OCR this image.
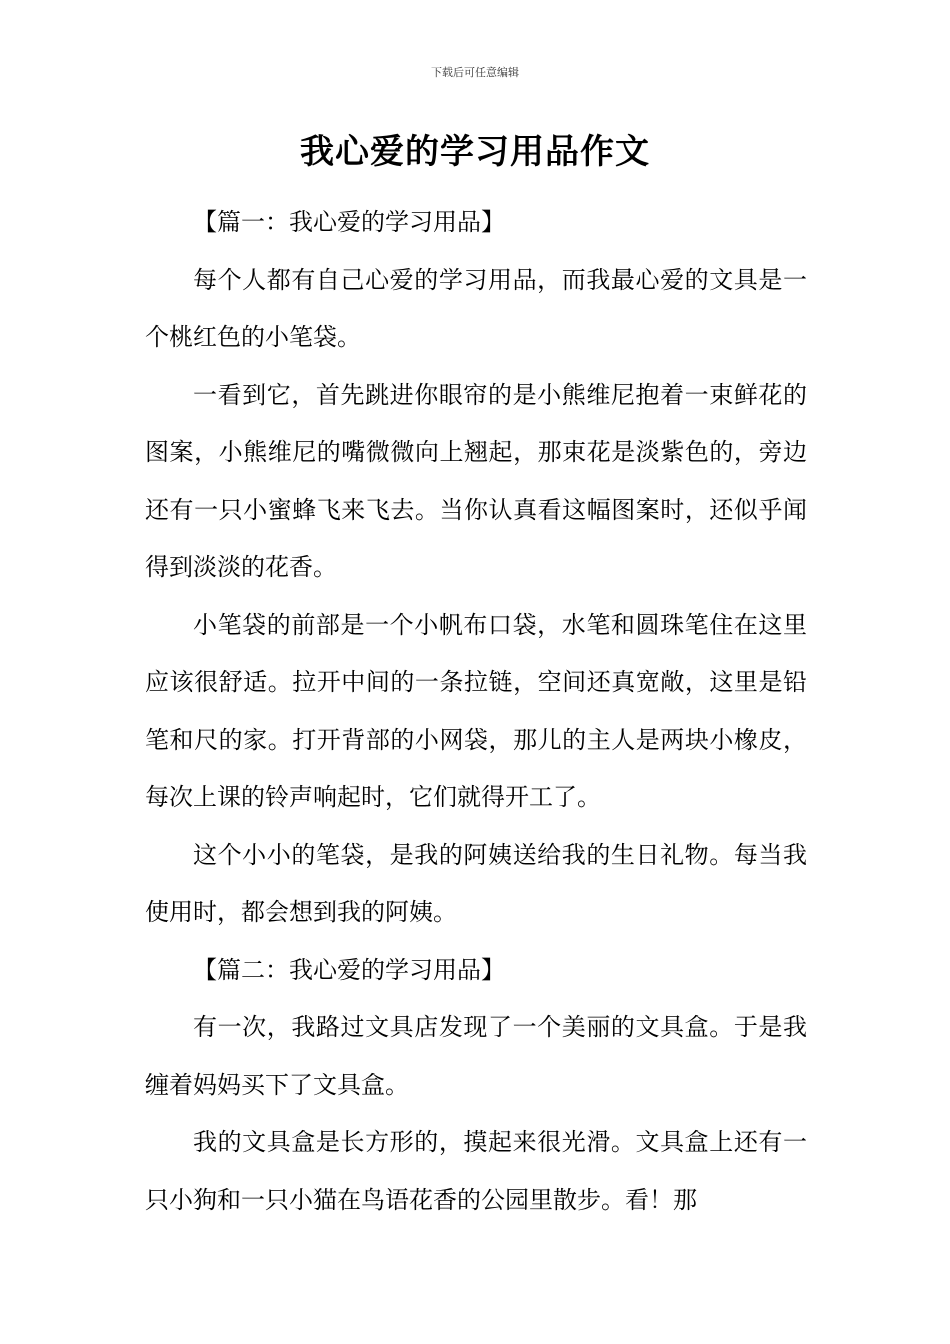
下载后可任意编辑
我心爱的学习用品作文

【篇一：我心爱的学习用品】

每个人都有自己心爱的学习用品，而我最心爱的文具是一个桃红色的小笔袋。

一看到它，首先跳进你眼帘的是小熊维尼抱着一束鲜花的图案，小熊维尼的嘴微微向上翘起，那束花是淡紫色的，旁边还有一只小蜜蜂飞来飞去。当你认真看这幅图案时，还似乎闻得到淡淡的花香。

小笔袋的前部是一个小帆布口袋，水笔和圆珠笔住在这里应该很舒适。拉开中间的一条拉链，空间还真宽敞，这里是铅笔和尺的家。打开背部的小网袋，那儿的主人是两块小橡皮，每次上课的铃声响起时，它们就得开工了。

这个小小的笔袋，是我的阿姨送给我的生日礼物。每当我使用时，都会想到我的阿姨。

【篇二：我心爱的学习用品】

有一次，我路过文具店发现了一个美丽的文具盒。于是我缠着妈妈买下了文具盒。

我的文具盒是长方形的，摸起来很光滑。文具盒上还有一只小狗和一只小猫在鸟语花香的公园里散步。看！那
